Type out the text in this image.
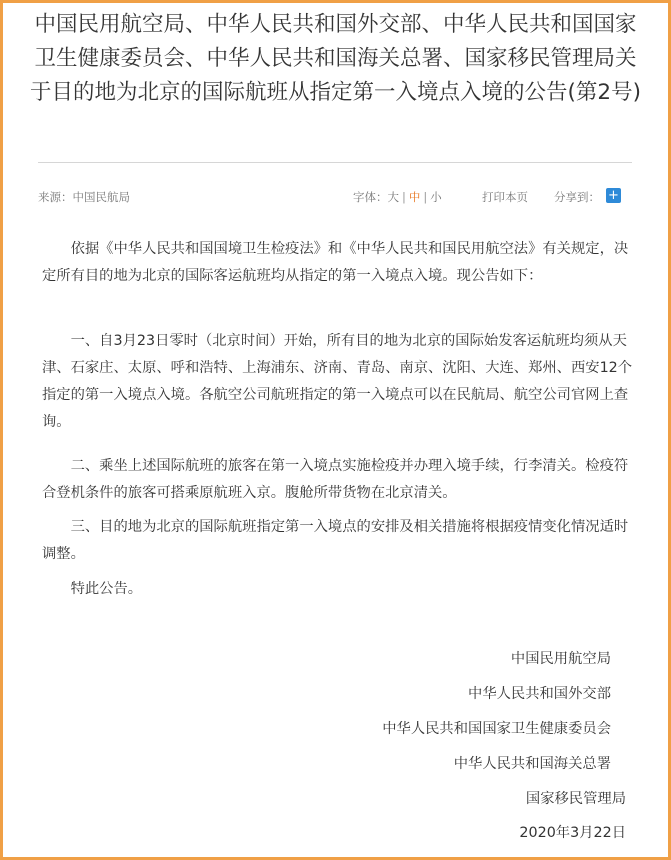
中国民用航空局、中华人民共和国外交部、中华人民共和国国家卫生健康委员会、中华人民共和国海关总署、国家移民管理局关于目的地为北京的国际航班从指定第一入境点入境的公告(第2号)
来源：中国民航局	字体：大 | 中 | 小	打印本页 分享到： +

依据《中华人民共和国国境卫生检疫法》和《中华人民共和国民用航空法》有关规定，决定所有目的地为北京的国际客运航班均从指定的第一入境点入境。现公告如下：

一、自3月23日零时（北京时间）开始，所有目的地为北京的国际始发客运航班均须从天津、石家庄、太原、呼和浩特、上海浦东、济南、青岛、南京、沈阳、大连、郑州、西安12个指定的第一入境点入境。各航空公司航班指定的第一入境点可以在民航局、航空公司官网上查询。

二、乘坐上述国际航班的旅客在第一入境点实施检疫并办理入境手续，行李清关。检疫符合登机条件的旅客可搭乘原航班入京。腹舱所带货物在北京清关。

三、目的地为北京的国际航班指定第一入境点的安排及相关措施将根据疫情变化情况适时调整。

特此公告。

中国民用航空局
中华人民共和国外交部
中华人民共和国国家卫生健康委员会
中华人民共和国海关总署
国家移民管理局
2020年3月22日
